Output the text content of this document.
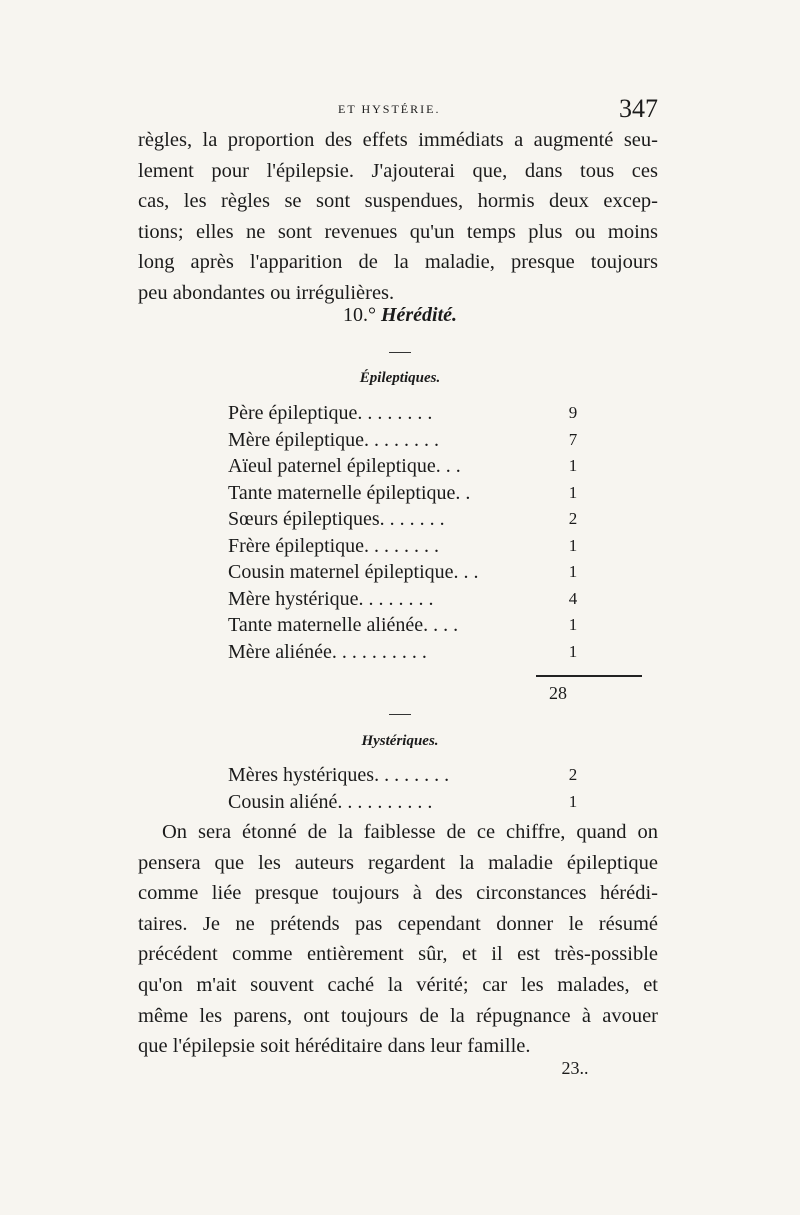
ET HYSTÉRIE.	347
règles, la proportion des effets immédiats a augmenté seu-
lement pour l'épilepsie. J'ajouterai que, dans tous ces
cas, les règles se sont suspendues, hormis deux excep-
tions; elles ne sont revenues qu'un temps plus ou moins
long après l'apparition de la maladie, presque toujours
peu abondantes ou irrégulières.
10.° Hérédité.
Épileptiques.
Père épileptique. . . . . . . .	9
Mère épileptique. . . . . . . .	7
Aïeul paternel épileptique. . .	1
Tante maternelle épileptique. .	1
Sœurs épileptiques. . . . . . .	2
Frère épileptique. . . . . . . .	1
Cousin maternel épileptique. . .	1
Mère hystérique. . . . . . . .	4
Tante maternelle aliénée. . . .	1
Mère aliénée. . . . . . . . . .	1
28
Hystériques.
Mères hystériques. . . . . . . .	2
Cousin aliéné. . . . . . . . . .	1
On sera étonné de la faiblesse de ce chiffre, quand on
pensera que les auteurs regardent la maladie épileptique
comme liée presque toujours à des circonstances hérédi-
taires. Je ne prétends pas cependant donner le résumé
précédent comme entièrement sûr, et il est très-possible
qu'on m'ait souvent caché la vérité; car les malades, et
même les parens, ont toujours de la répugnance à avouer
que l'épilepsie soit héréditaire dans leur famille.
23..
